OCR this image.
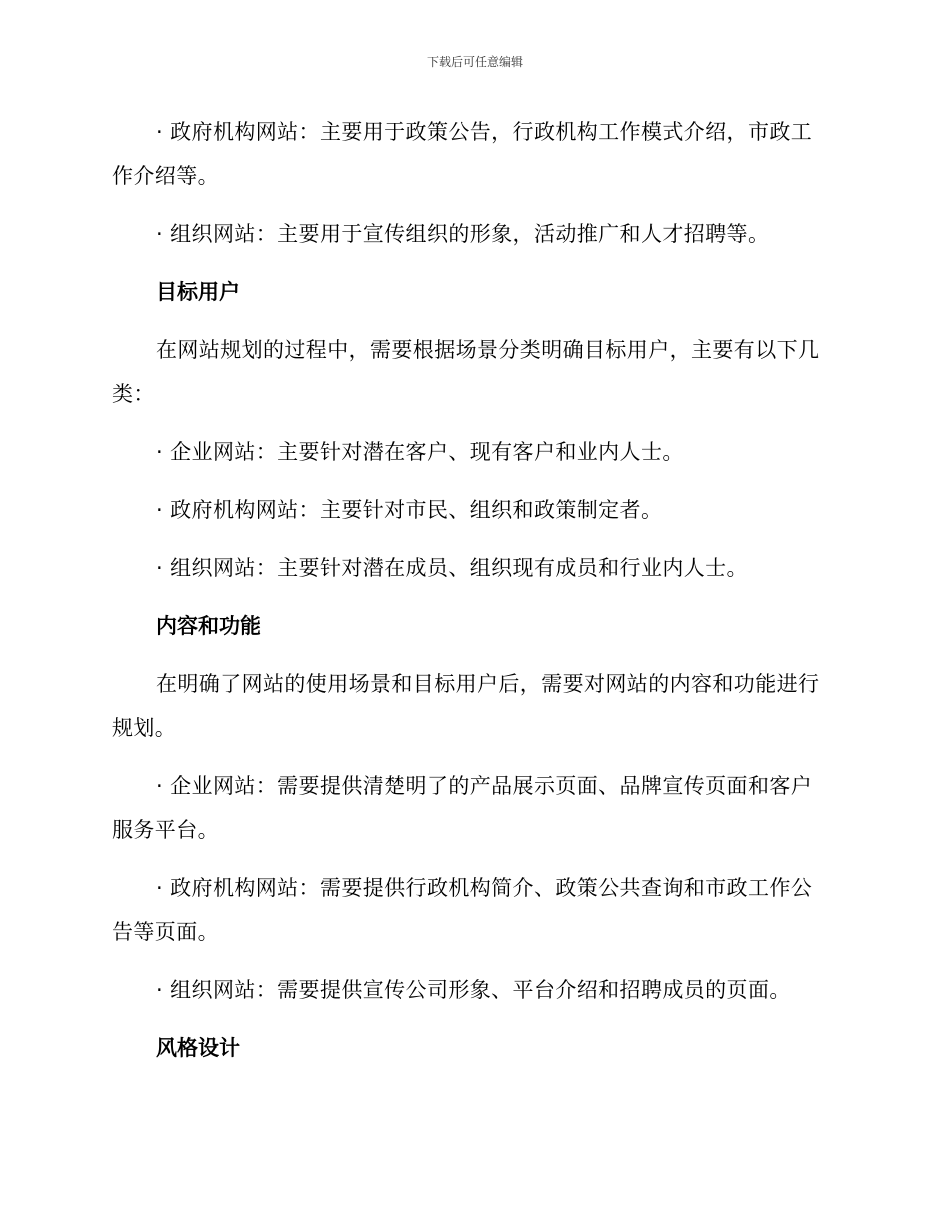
下载后可任意编辑

· 政府机构网站：主要用于政策公告，行政机构工作模式介绍，市政工作介绍等。

· 组织网站：主要用于宣传组织的形象，活动推广和人才招聘等。

目标用户

在网站规划的过程中，需要根据场景分类明确目标用户，主要有以下几类：

· 企业网站：主要针对潜在客户、现有客户和业内人士。

· 政府机构网站：主要针对市民、组织和政策制定者。

· 组织网站：主要针对潜在成员、组织现有成员和行业内人士。

内容和功能

在明确了网站的使用场景和目标用户后，需要对网站的内容和功能进行规划。

· 企业网站：需要提供清楚明了的产品展示页面、品牌宣传页面和客户服务平台。

· 政府机构网站：需要提供行政机构简介、政策公共查询和市政工作公告等页面。

· 组织网站：需要提供宣传公司形象、平台介绍和招聘成员的页面。

风格设计
